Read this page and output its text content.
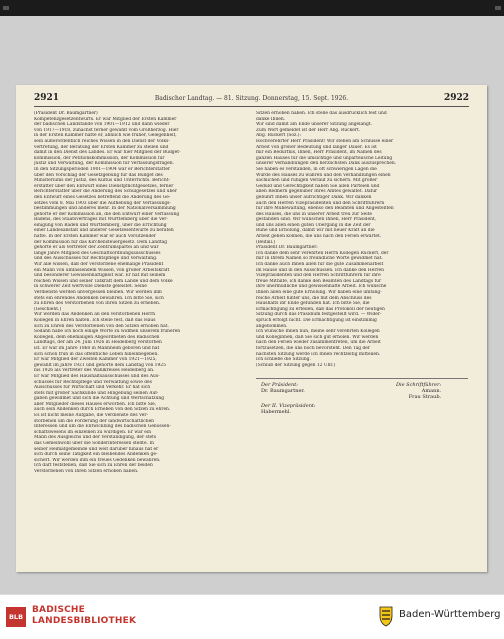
2921	Badischer Landtag. — 81. Sitzung. Donnerstag, 15. Sept. 1926.	2922
(Präsident Dr. Baumgartner)
Kompetenzgesetzentwurfs. Er war Mitglied der Ersten Kammer
der badischen Landstände von 1901—1912 und dann wieder
von 1917—1918, zunächst ferner gewählt vom Großherzog. Hier
in der Ersten Kammer hatte er, ähnlich wie früher, Gelegenheit,
sein außerordentlich reiches Wissen in den Dienst der Volks-
vertretung, der Beratung der Ersten Kammer zu stellen und
damit in den Dienst des Landes. Er war hier Mitglied der Budget-
kommission, der Petitionskommission, der Kommission für
Justiz und Verwaltung, der Kommission für Verfassungsfragen.
In den Sitzungsperioden 1901—1904 war er Berichterstatter
über den Vorschlag der Gesetzgebung für das Budget des
Ministeriums der Justiz, des Kultus und Unterrichts. Bericht-
erstatter über den Entwurf eines Dienstpflichtgesetzes, ferner
Berichterstatter über die Änderung des Schulgesetzes und über
den Entwurf eines Gesetzes betreffend die Änderung des Ge-
setzes vom 8. Mai 1903 über die Aufhebung der Verfassungs-
bestimmungen und anderes mehr. In der Nationalversammlung
gehörte er der Kommission an, die den Entwurf einer Verfassung
Badens, des Staatsvertrages mit Württemberg über die Ver-
einigung von Baden und Württemberg, über die Errichtung
einer Landesanstalt und anderer Gesetzesentwürfe zu beraten
hatte. In der Ersten Kammer war er auch Vorsitzender
der Kommission für das Kirchensteuergesetz. Dem Landtag
gehörte er als Vertreter der Zentrumspartei an und war
lange Jahre Mitglied des Geschäftsordnungsausschusses
und des Ausschusses für Rechtspflege und Verwaltung.
Wir alle wissen, daß der verstorbene ehemalige Präsident
ein Mann von umfassendem Wissen, von großer Arbeitskraft
und besonderer Gewissenhaftigkeit war. Er hat mit seinem
reichen Wissen und seiner Tatkraft dem Lande und dem Volke
in schwerer Zeit wertvolle Dienste geleistet. Seine
Verdienste werden unvergessen bleiben. Wir werden ihm
stets ein ehrendes Andenken bewahren. Ich bitte Sie, sich
zu Ehren des Verstorbenen von Ihren Sitzen zu erheben.
(Geschieht.)
Wir werden das Andenken an den verstorbenen Herrn
Kollegen in Ehren halten. Ich stelle fest, daß das Haus
sich zu Ehren des Verstorbenen von den Sitzen erhoben hat.
Sodann habe ich noch einige Worte zu widmen unserem früheren
Kollegen, dem ehemaligen Abgeordneten des Badischen
Landtags, der am 24. Juni 1926 in Heidelberg verstorben
ist. Er war im Jahre 1868 in Mannheim geboren und hat
sich schon früh in das öffentliche Leben hineinbegeben.
Er war Mitglied der Zweiten Kammer von 1921—1925,
gewählt im Jahre 1921 und gehörte dem Landtag von 1925
bis 1926 als Vertreter des Wahlkreises Heidelberg an.
Er war Mitglied des Haushaltsausschusses und des Aus-
schusses für Rechtspflege und Verwaltung sowie des
Ausschusses für Wirtschaft und Verkehr. Er hat sich
stets mit großer Sachkunde und Hingebung seinen Auf-
gaben gewidmet und sich die Achtung und Wertschätzung
aller Mitglieder dieses Hauses erworben. Ich bitte Sie,
auch sein Andenken durch Erheben von den Sitzen zu ehren.
Es ist nicht meine Aufgabe, die Verdienste des Ver-
storbenen um die Förderung der landwirtschaftlichen
Interessen und um die Entwicklung des badischen Genossen-
schaftswesens im einzelnen zu würdigen. Er war ein
Mann des Ausgleichs und der Verständigung, der stets
das Gemeinwohl über die Sonderinteressen stellte. In
seiner Heimatgemeinde und weit darüber hinaus hat er
sich durch seine Tätigkeit ein bleibendes Andenken ge-
sichert. Wir werden ihm ein treues Gedenken bewahren.
Ich darf feststellen, daß Sie sich zu Ehren der beiden
Verstorbenen von Ihren Sitzen erhoben haben.
Sitzen erhoben haben. Ich stelle das ausdrücklich fest und
danke Ihnen.
Wir sind damit am Ende unserer Sitzung angelangt.
Zum Wort gemeldet ist der Herr Abg. Rückert.
Abg. Rückert (Soz.):
Hochverehrter Herr Präsident! Wir stehen am Schlusse einer
Arbeit von großer Bedeutung und langer Dauer. Es ist
mir ein Bedürfnis, Ihnen, Herr Präsident, im Namen des
ganzen Hauses für die umsichtige und unparteiische Leitung
unserer Verhandlungen den herzlichsten Dank auszusprechen.
Sie haben es verstanden, in oft schwierigen Lagen die
Würde des Hauses zu wahren und den Verhandlungen einen
sachlichen und ruhigen Verlauf zu sichern. Mit großer
Geduld und Gerechtigkeit haben Sie allen Parteien und
allen Rednern gegenüber Ihres Amtes gewaltet. Dafür
gebührt Ihnen unser aufrichtiger Dank. Wir danken
auch den Herren Vizepräsidenten und den Schriftführern
für ihre Mühewaltung, ebenso den Beamten und Angestellten
des Hauses, die uns in unserer Arbeit treu zur Seite
gestanden sind. Wir wünschen Ihnen, Herr Präsident,
und uns allen einen guten Übergang in die Zeit der
Ruhe und Erholung, damit wir mit neuer Kraft an die
Arbeit gehen können, die uns nach den Ferien erwartet.
(Beifall.)
Präsident Dr. Baumgartner:
Ich danke dem sehr verehrten Herrn Kollegen Rückert, der
mir in Ihrem Namen so freundliche Worte gewidmet hat.
Ich danke auch Ihnen allen für die gute Zusammenarbeit
im Hause und in den Ausschüssen. Ich danke den Herren
Vizepräsidenten und den Herren Schriftführern für ihre
treue Mithilfe, ich danke den Beamten des Landtags für
ihre unermüdliche und gewissenhafte Arbeit. Ich wünsche
Ihnen allen eine gute Erholung. Wir haben eine umfang-
reiche Arbeit hinter uns, die mit dem Abschluss des
Haushalts ihr Ende gefunden hat. Ich bitte Sie, die
Ermächtigung zu erteilen, daß das Protokoll der heutigen
Sitzung durch das Präsidium festgestellt wird. — Wider-
spruch erfolgt nicht. Die Ermächtigung ist einstimmig
angenommen.
Ich wünsche Ihnen nun, meine sehr verehrten Kollegen
und Kolleginnen, daß Sie sich gut erholen. Wir werden
nach den Ferien wieder zusammentreten, um die Arbeit
fortzusetzen, die uns noch bevorsteht. Den Tag der
nächsten Sitzung werde ich Ihnen rechtzeitig mitteilen.
Ich schließe die Sitzung.
(Schluß der Sitzung gegen 12 Uhr.)
Der Präsident:
Dr. Baumgartner.
Die Schriftführer:
Amann.
Frau Straub.
Der II. Vizepräsident:
Habermehl.
BLB
BADISCHE
LANDESBIBLIOTHEK
Baden-Württemberg
